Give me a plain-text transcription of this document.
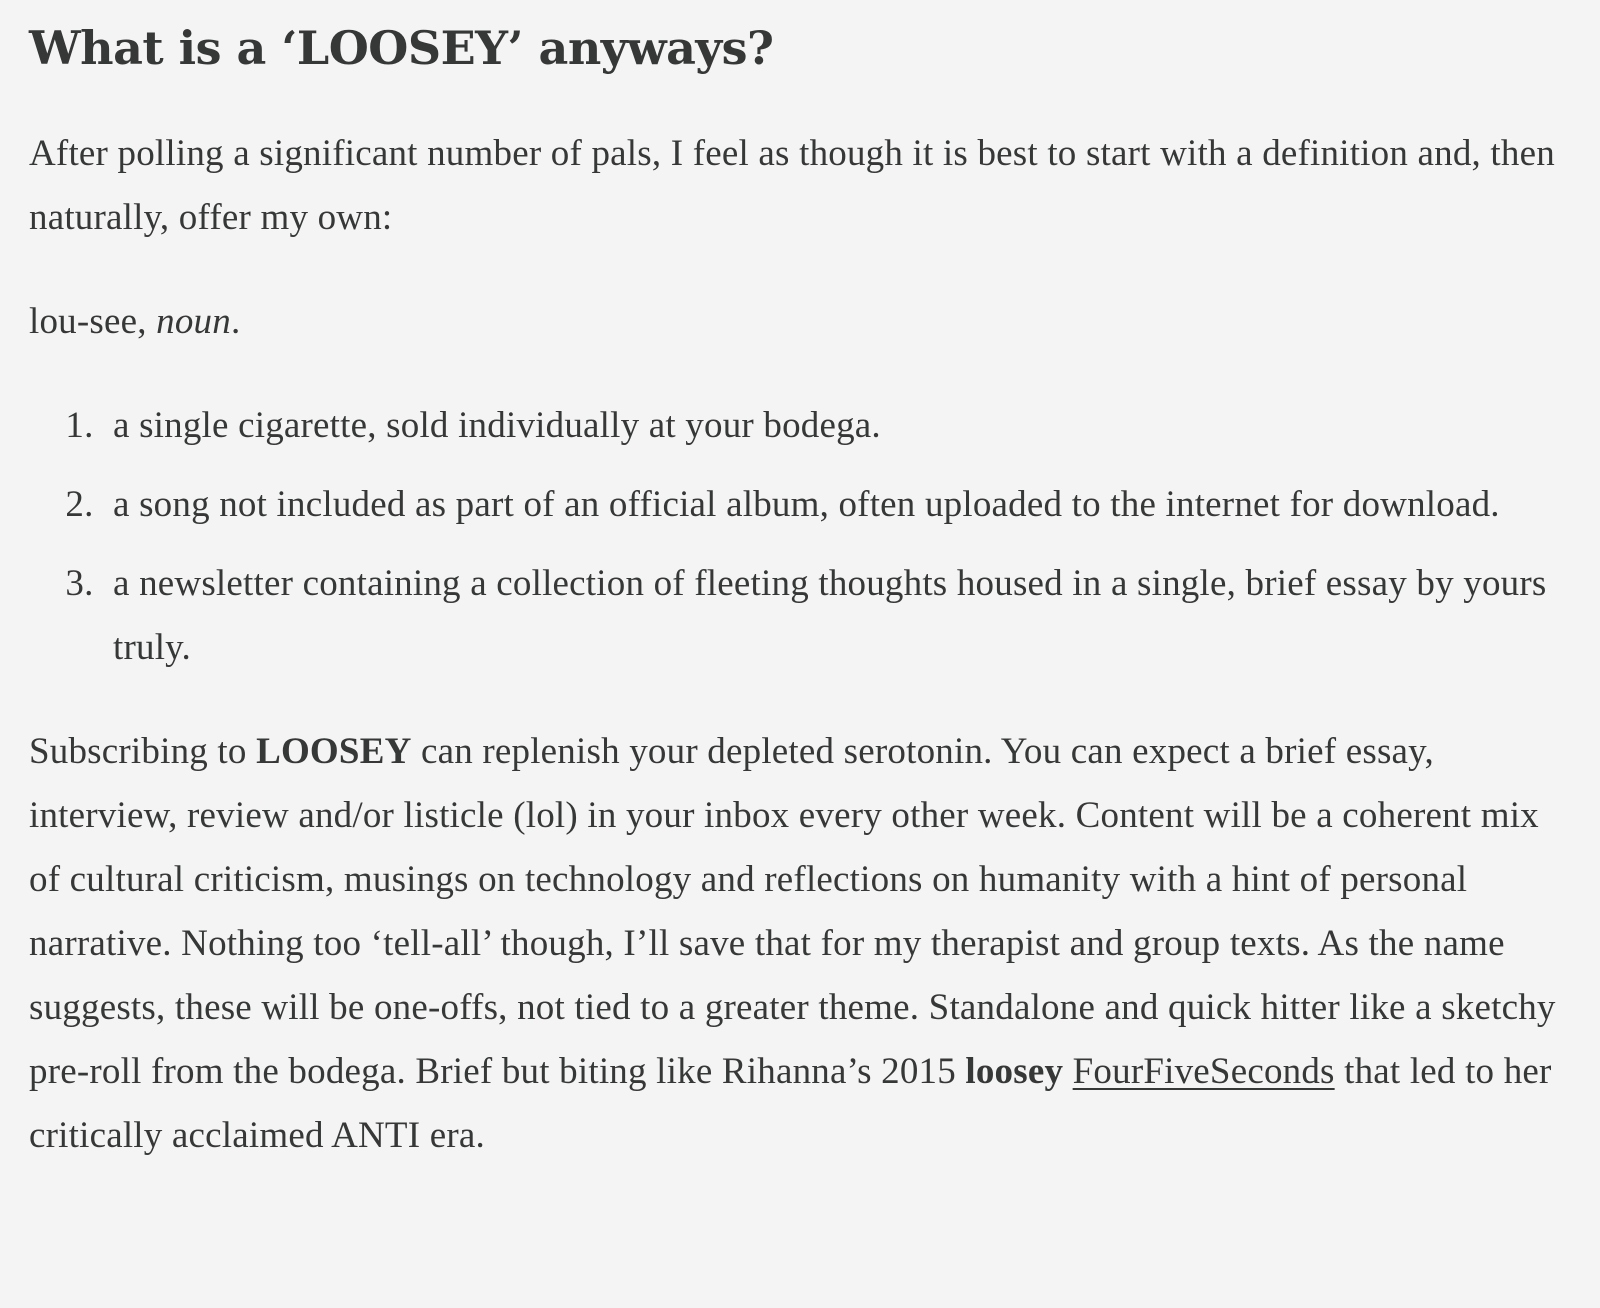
What is a ‘LOOSEY’ anyways?

After polling a significant number of pals, I feel as though it is best to start with a definition and, then naturally, offer my own:

lou-see, noun.

1. a single cigarette, sold individually at your bodega.
2. a song not included as part of an official album, often uploaded to the internet for download.
3. a newsletter containing a collection of fleeting thoughts housed in a single, brief essay by yours truly.

Subscribing to LOOSEY can replenish your depleted serotonin. You can expect a brief essay, interview, review and/or listicle (lol) in your inbox every other week. Content will be a coherent mix of cultural criticism, musings on technology and reflections on humanity with a hint of personal narrative. Nothing too ‘tell-all’ though, I’ll save that for my therapist and group texts. As the name suggests, these will be one-offs, not tied to a greater theme. Standalone and quick hitter like a sketchy pre-roll from the bodega. Brief but biting like Rihanna’s 2015 loosey FourFiveSeconds that led to her critically acclaimed ANTI era.
